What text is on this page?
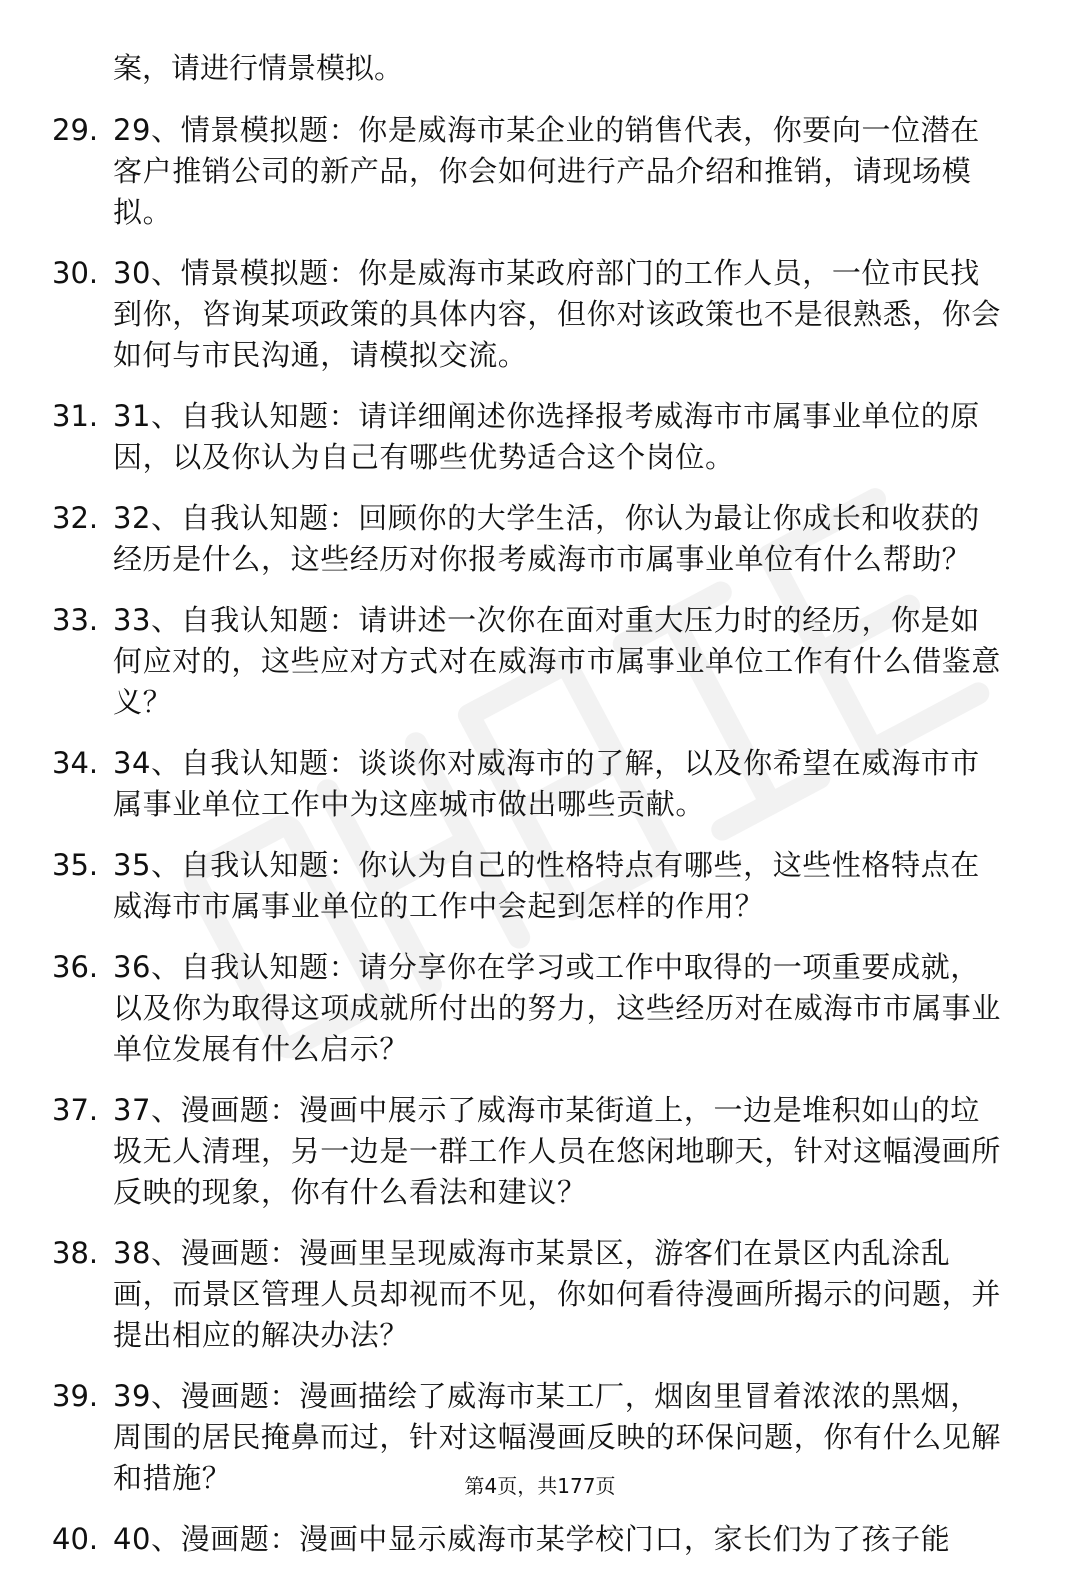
案，请进行情景模拟。
29. 29、情景模拟题：你是威海市某企业的销售代表，你要向一位潜在客户推销公司的新产品，你会如何进行产品介绍和推销，请现场模拟。
30. 30、情景模拟题：你是威海市某政府部门的工作人员，一位市民找到你，咨询某项政策的具体内容，但你对该政策也不是很熟悉，你会如何与市民沟通，请模拟交流。
31. 31、自我认知题：请详细阐述你选择报考威海市市属事业单位的原因，以及你认为自己有哪些优势适合这个岗位。
32. 32、自我认知题：回顾你的大学生活，你认为最让你成长和收获的经历是什么，这些经历对你报考威海市市属事业单位有什么帮助？
33. 33、自我认知题：请讲述一次你在面对重大压力时的经历，你是如何应对的，这些应对方式对在威海市市属事业单位工作有什么借鉴意义？
34. 34、自我认知题：谈谈你对威海市的了解，以及你希望在威海市市属事业单位工作中为这座城市做出哪些贡献。
35. 35、自我认知题：你认为自己的性格特点有哪些，这些性格特点在威海市市属事业单位的工作中会起到怎样的作用？
36. 36、自我认知题：请分享你在学习或工作中取得的一项重要成就，以及你为取得这项成就所付出的努力，这些经历对在威海市市属事业单位发展有什么启示？
37. 37、漫画题：漫画中展示了威海市某街道上，一边是堆积如山的垃圾无人清理，另一边是一群工作人员在悠闲地聊天，针对这幅漫画所反映的现象，你有什么看法和建议？
38. 38、漫画题：漫画里呈现威海市某景区，游客们在景区内乱涂乱画，而景区管理人员却视而不见，你如何看待漫画所揭示的问题，并提出相应的解决办法？
39. 39、漫画题：漫画描绘了威海市某工厂，烟囱里冒着浓浓的黑烟，周围的居民掩鼻而过，针对这幅漫画反映的环保问题，你有什么见解和措施？
40. 40、漫画题：漫画中显示威海市某学校门口，家长们为了孩子能
第4页，共177页
